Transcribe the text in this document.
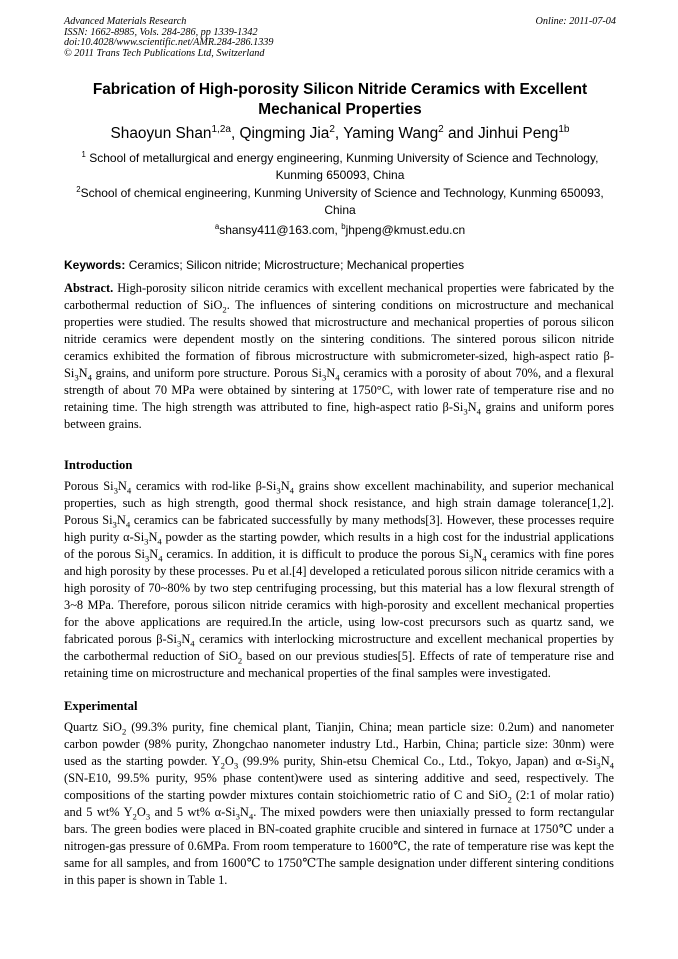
Advanced Materials Research	Online: 2011-07-04
ISSN: 1662-8985, Vols. 284-286, pp 1339-1342
doi:10.4028/www.scientific.net/AMR.284-286.1339
© 2011 Trans Tech Publications Ltd, Switzerland
Fabrication of High-porosity Silicon Nitride Ceramics with Excellent
Mechanical Properties
Shaoyun Shan$^{1,2a}$, Qingming Jia$^2$, Yaming Wang$^2$ and Jinhui Peng$^{1b}$
$^1$ School of metallurgical and energy engineering, Kunming University of Science and Technology,
Kunming 650093, China
$^2$School of chemical engineering, Kunming University of Science and Technology, Kunming 650093,
China
$^a$shansy411@163.com, $^b$jhpeng@kmust.edu.cn
Keywords: Ceramics; Silicon nitride; Microstructure; Mechanical properties
Abstract. High-porosity silicon nitride ceramics with excellent mechanical properties were fabricated by the carbothermal reduction of SiO$_2$. The influences of sintering conditions on microstructure and mechanical properties were studied. The results showed that microstructure and mechanical properties of porous silicon nitride ceramics were dependent mostly on the sintering conditions. The sintered porous silicon nitride ceramics exhibited the formation of fibrous microstructure with submicrometer-sized, high-aspect ratio $\beta-Si_3N_4$ grains, and uniform pore structure. Porous $Si_3N_4$ ceramics with a porosity of about 70%, and a flexural strength of about 70 MPa were obtained by sintering at 1750°C, with lower rate of temperature rise and no retaining time. The high strength was attributed to fine, high-aspect ratio $\beta-Si_3N_4$ grains and uniform pores between grains.
Introduction
Porous $Si_3N_4$ ceramics with rod-like $\beta-Si_3N_4$ grains show excellent machinability, and superior mechanical properties, such as high strength, good thermal shock resistance, and high strain damage tolerance[1,2]. Porous $Si_3N_4$ ceramics can be fabricated successfully by many methods[3]. However, these processes require high purity $\alpha-Si_3N_4$ powder as the starting powder, which results in a high cost for the industrial applications of the porous $Si_3N_4$ ceramics. In addition, it is difficult to produce the porous $Si_3N_4$ ceramics with fine pores and high porosity by these processes. Pu et al.[4] developed a reticulated porous silicon nitride ceramics with a high porosity of 70~80% by two step centrifuging processing, but this material has a low flexural strength of 3~8 MPa. Therefore, porous silicon nitride ceramics with high-porosity and excellent mechanical properties for the above applications are required.In the article, using low-cost precursors such as quartz sand, we fabricated porous $\beta-Si_3N_4$ ceramics with interlocking microstructure and excellent mechanical properties by the carbothermal reduction of SiO$_2$ based on our previous studies[5]. Effects of rate of temperature rise and retaining time on microstructure and mechanical properties of the final samples were investigated.
Experimental
Quartz SiO$_2$ (99.3% purity, fine chemical plant, Tianjin, China; mean particle size: 0.2um) and nanometer carbon powder (98% purity, Zhongchao nanometer industry Ltd., Harbin, China; particle size: 30nm) were used as the starting powder. $Y_2O_3$ (99.9% purity, Shin-etsu Chemical Co., Ltd., Tokyo, Japan) and $\alpha-Si_3N_4$ (SN-E10, 99.5% purity, 95% phase content)were used as sintering additive and seed, respectively. The compositions of the starting powder mixtures contain stoichiometric ratio of C and SiO$_2$ (2:1 of molar ratio) and 5 wt% $Y_2O_3$ and 5 wt% $\alpha-Si_3N_4$. The mixed powders were then uniaxially pressed to form rectangular bars. The green bodies were placed in BN-coated graphite crucible and sintered in furnace at 1750℃ under a nitrogen-gas pressure of 0.6MPa. From room temperature to 1600℃, the rate of temperature rise was kept the same for all samples, and from 1600℃ to 1750℃The sample designation under different sintering conditions in this paper is shown in Table 1.
